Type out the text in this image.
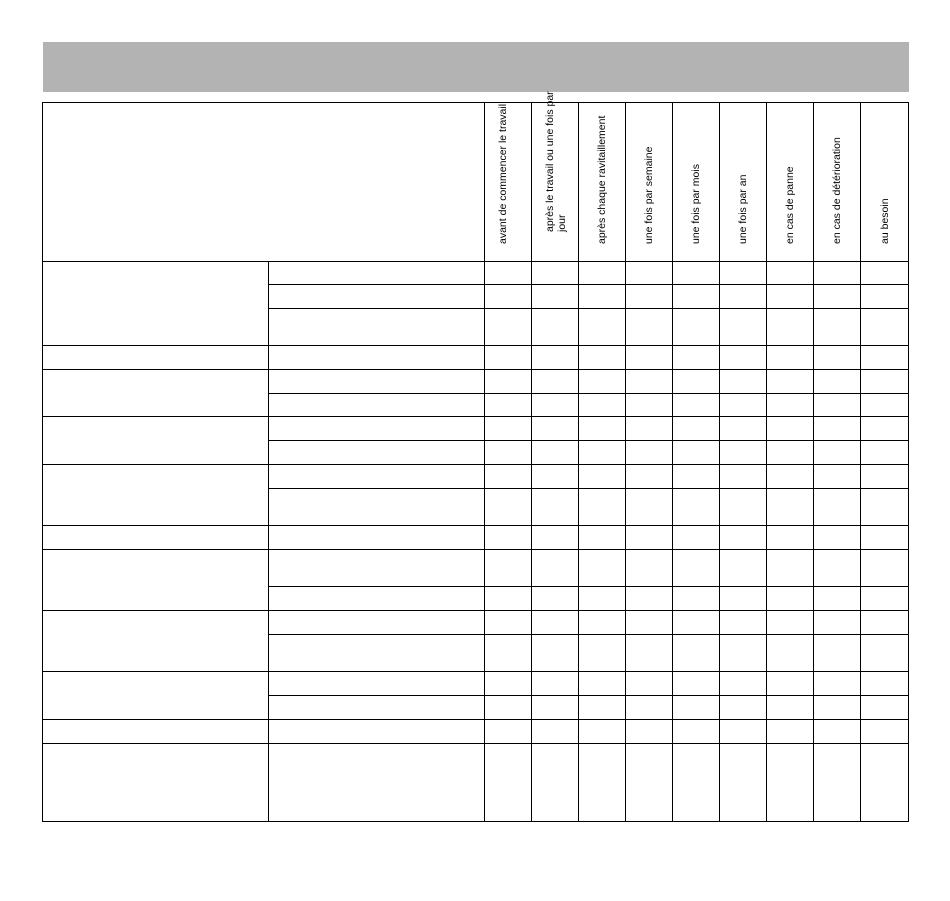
		avant de commencer le travail	après le travail ou une fois par jour	après chaque ravitaillement	une fois par semaine	une fois par mois	une fois par an	en cas de panne	en cas de détérioration	au besoin
